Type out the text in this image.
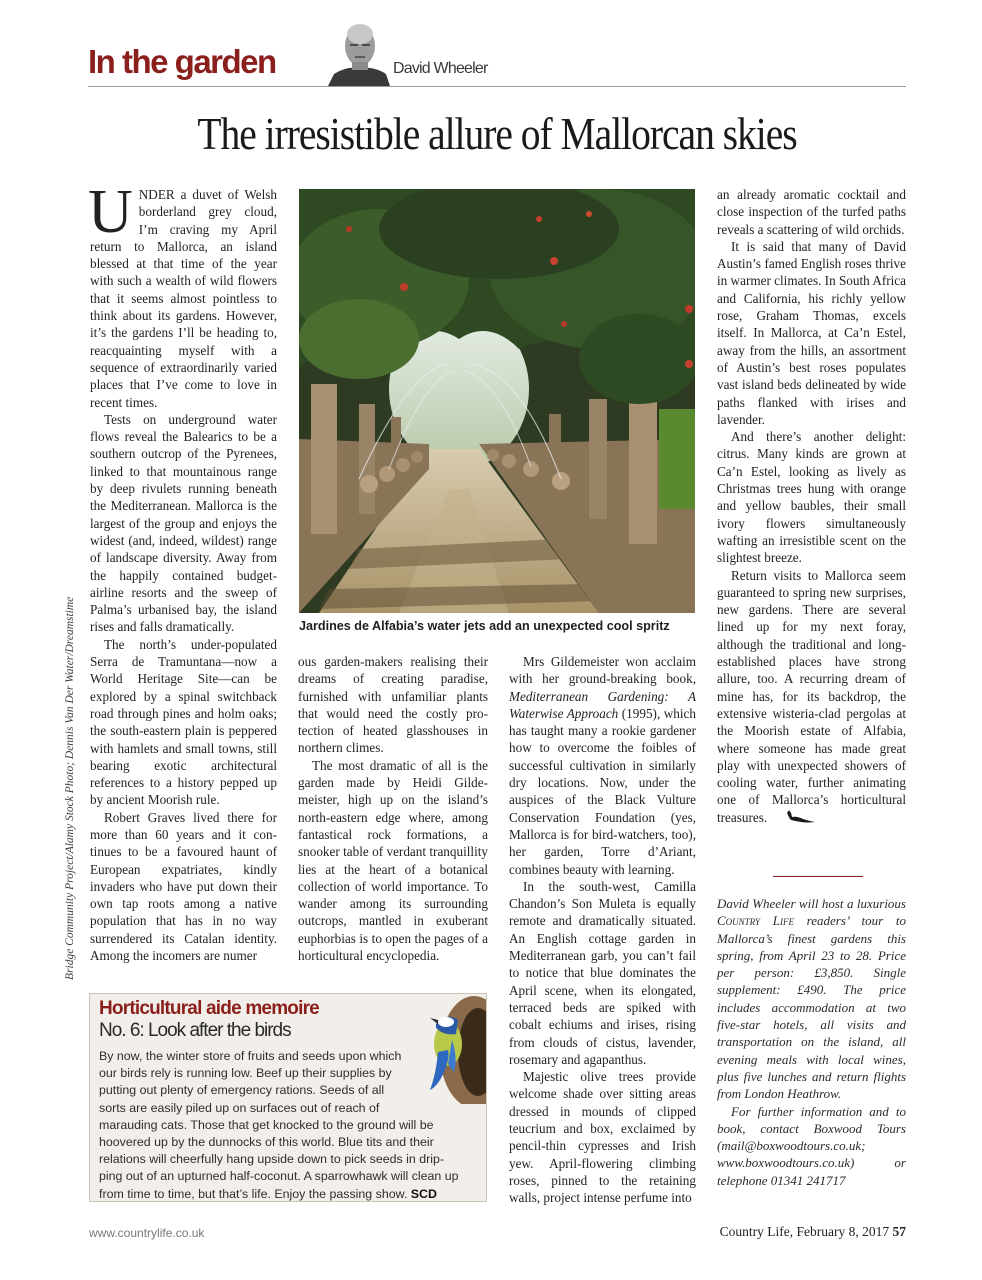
In the garden	David Wheeler
The irresistible allure of Mallorcan skies

UNDER a duvet of Welsh borderland grey cloud, I’m craving my April return to Mallorca, an island blessed at that time of the year with such a wealth of wild flowers that it seems almost pointless to think about its gardens. However, it’s the gardens I’ll be heading to, reacquainting myself with a sequence of extraordinarily varied places that I’ve come to love in recent times.

Tests on underground water flows reveal the Balearics to be a southern outcrop of the Pyrenees, linked to that mountainous range by deep rivulets running beneath the Mediterranean. Mallorca is the largest of the group and enjoys the widest (and, indeed, wildest) range of landscape diversity. Away from the happily contained budget-airline resorts and the sweep of Palma’s urbanised bay, the island rises and falls dramatically.

The north’s under-populated Serra de Tramuntana—now a World Heritage Site—can be explored by a spinal switchback road through pines and holm oaks; the south-eastern plain is peppered with hamlets and small towns, still bearing exotic architectural references to a history pepped up by ancient Moorish rule.

Robert Graves lived there for more than 60 years and it continues to be a favoured haunt of European expatriates, kindly invaders who have put down their own tap roots among a native population that has in no way surrendered its Catalan identity. Among the incomers are numer

Bridge Community Project/Alamy Stock Photo; Dennis Van Der Water/Dreamstime	Jardines de Alfabia’s water jets add an unexpected cool spritz

ous garden-makers realising their dreams of creating paradise, furnished with unfamiliar plants that would need the costly protection of heated glasshouses in northern climes.

The most dramatic of all is the garden made by Heidi Gildemeister, high up on the island’s north-eastern edge where, among fantastical rock formations, a snooker table of verdant tranquillity lies at the heart of a botanical collection of world importance. To wander among its surrounding outcrops, mantled in exuberant euphorbias is to open the pages of a horticultural encyclopedia.

Mrs Gildemeister won acclaim with her ground-breaking book, Mediterranean Gardening: A Waterwise Approach (1995), which has taught many a rookie gardener how to overcome the foibles of successful cultivation in similarly dry locations. Now, under the auspices of the Black Vulture Conservation Foundation (yes, Mallorca is for bird-watchers, too), her garden, Torre d’Ariant, combines beauty with learning.

In the south-west, Camilla Chandon’s Son Muleta is equally remote and dramatically situated. An English cottage garden in Mediterranean garb, you can’t fail to notice that blue dominates the April scene, when its elongated, terraced beds are spiked with cobalt echiums and irises, rising from clouds of cistus, lavender, rosemary and agapanthus.

Majestic olive trees provide welcome shade over sitting areas dressed in mounds of clipped teucrium and box, exclaimed by pencil-thin cypresses and Irish yew. April-flowering climbing roses, pinned to the retaining walls, project intense perfume into

an already aromatic cocktail and close inspection of the turfed paths reveals a scattering of wild orchids.

It is said that many of David Austin’s famed English roses thrive in warmer climates. In South Africa and California, his richly yellow rose, Graham Thomas, excels itself. In Mallorca, at Ca’n Estel, away from the hills, an assortment of Austin’s best roses populates vast island beds delineated by wide paths flanked with irises and lavender.

And there’s another delight: citrus. Many kinds are grown at Ca’n Estel, looking as lively as Christmas trees hung with orange and yellow baubles, their small ivory flowers simultaneously wafting an irresistible scent on the slightest breeze.

Return visits to Mallorca seem guaranteed to spring new surprises, new gardens. There are several lined up for my next foray, although the traditional and long-established places have strong allure, too. A recurring dream of mine has, for its backdrop, the extensive wisteria-clad pergolas at the Moorish estate of Alfabia, where someone has made great play with unexpected showers of cooling water, further animating one of Mallorca’s horticultural treasures.

David Wheeler will host a luxurious Country Life readers’ tour to Mallorca’s finest gardens this spring, from April 23 to 28. Price per person: £3,850. Single supplement: £490. The price includes accommodation at two five-star hotels, all visits and transportation on the island, all evening meals with local wines, plus five lunches and return flights from London Heathrow.

For further information and to book, contact Boxwood Tours (mail@boxwoodtours.co.uk; www.boxwoodtours.co.uk) or telephone 01341 241717

Horticultural aide memoire
No. 6: Look after the birds
By now, the winter store of fruits and seeds upon which
our birds rely is running low. Beef up their supplies by
putting out plenty of emergency rations. Seeds of all
sorts are easily piled up on surfaces out of reach of
marauding cats. Those that get knocked to the ground will be
hoovered up by the dunnocks of this world. Blue tits and their
relations will cheerfully hang upside down to pick seeds in drip-
ping out of an upturned half-coconut. A sparrowhawk will clean up
from time to time, but that’s life. Enjoy the passing show. SCD
www.countrylife.co.uk	Country Life, February 8, 2017 57
